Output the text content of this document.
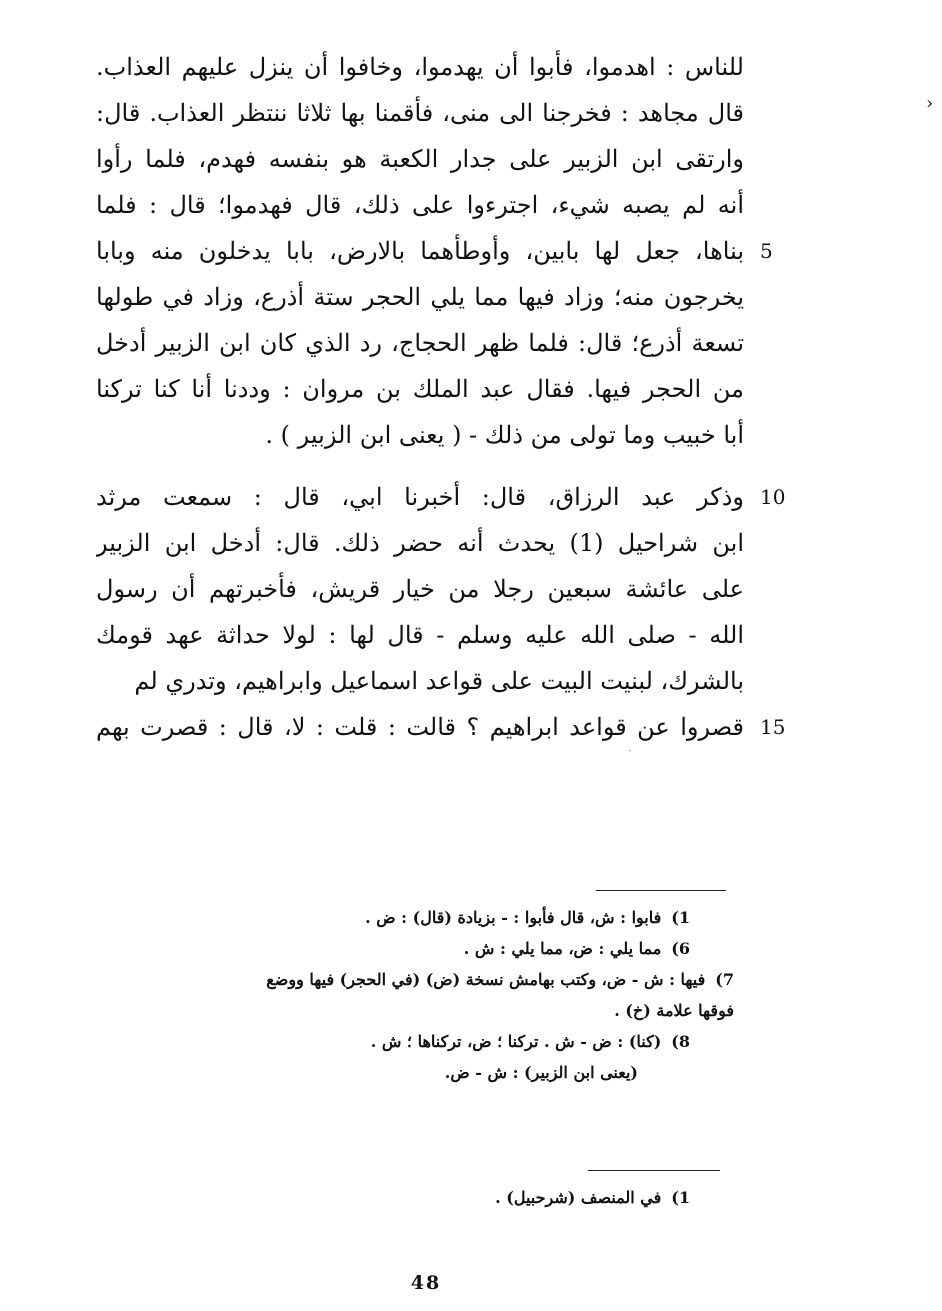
›
للناس : اهدموا، فأبوا أن يهدموا، وخافوا أن ينزل عليهم العذاب.
قال مجاهد : فخرجنا الى منى، فأقمنا بها ثلاثا ننتظر العذاب. قال:
وارتقى ابن الزبير على جدار الكعبة هو بنفسه فهدم، فلما رأوا
أنه لم يصبه شيء، اجترءوا على ذلك، قال فهدموا؛ قال : فلما
بناها، جعل لها بابين، وأوطأهما بالارض، بابا يدخلون منه وبابا 5
يخرجون منه؛ وزاد فيها مما يلي الحجر ستة أذرع، وزاد في طولها
تسعة أذرع؛ قال: فلما ظهر الحجاج، رد الذي كان ابن الزبير أدخل
من الحجر فيها. فقال عبد الملك بن مروان : وددنا أنا كنا تركنا
أبا خبيب وما تولى من ذلك - ( يعنى ابن الزبير ) .
وذكر عبد الرزاق، قال: أخبرنا ابي، قال : سمعت مرثد 10
ابن شراحيل (1) يحدث أنه حضر ذلك. قال: أدخل ابن الزبير
على عائشة سبعين رجلا من خيار قريش، فأخبرتهم أن رسول
الله - صلى الله عليه وسلم - قال لها : لولا حداثة عهد قومك
بالشرك، لبنيت البيت على قواعد اسماعيل وابراهيم، وتدري لم
قصروا عن قواعد ابراهيم ؟ قالت : قلت : لا، قال : قصرت بهم 15
·
1)فابوا : ش، قال فأبوا : - بزيادة (قال) : ض .
6)مما يلي : ض، مما يلي : ش .
7)فيها : ش - ض، وكتب بهامش نسخة (ض) (في الحجر) فيها ووضع
فوقها علامة (خ) .
8)(كنا) : ض - ش . تركنا ؛ ض، تركناها ؛ ش .
(يعنى ابن الزبير) : ش - ض.
1)في المنصف (شرحبيل) .
48
